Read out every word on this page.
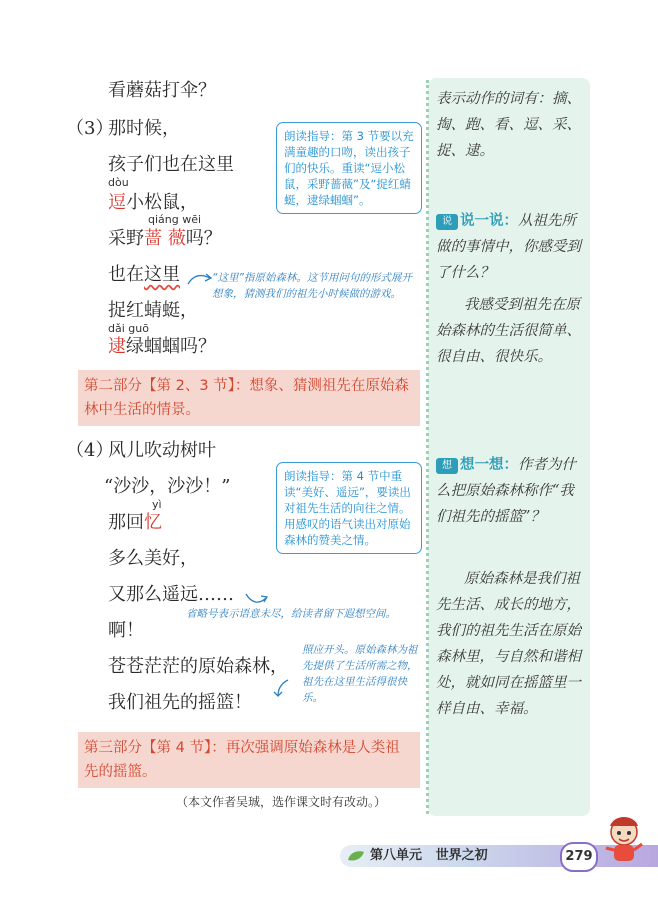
看蘑菇打伞？
（3）
那时候，
孩子们也在这里
dòu
逗小松鼠，
qiáng wēi
采野蔷 薇吗？
也在这里
捉红蜻蜓，
dǎi guō
逮绿蝈蝈吗？
朗读指导：第 3 节要以充满童趣的口吻，读出孩子们的快乐。重读“逗小松鼠，采野蔷薇”及“捉红蜻蜓，逮绿蝈蝈”。
“这里”指原始森林。这节用问句的形式展开想象，猜测我们的祖先小时候做的游戏。
第二部分【第 2、3 节】：想象、猜测祖先在原始森林中生活的情景。
（4）
风儿吹动树叶
“沙沙，沙沙！”
yì
那回忆
多么美好，
又那么遥远……
啊！
苍苍茫茫的原始森林，
我们祖先的摇篮！
朗读指导：第 4 节中重读“美好、遥远”，要读出对祖先生活的向往之情。用感叹的语气读出对原始森林的赞美之情。
省略号表示语意未尽，给读者留下遐想空间。
照应开头。原始森林为祖先提供了生活所需之物，祖先在这里生活得很快乐。
第三部分【第 4 节】：再次强调原始森林是人类祖先的摇篮。
（本文作者吴珹，选作课文时有改动。）
表示动作的词有：摘、掏、跑、看、逗、采、捉、逮。
说 说一说：从祖先所做的事情中，你感受到了什么？
我感受到祖先在原始森林的生活很简单、很自由、很快乐。
想 想一想：作者为什么把原始森林称作“我们祖先的摇篮”？
原始森林是我们祖先生活、成长的地方，我们的祖先生活在原始森林里，与自然和谐相处，就如同在摇篮里一样自由、幸福。
第八单元 世界之初	279
